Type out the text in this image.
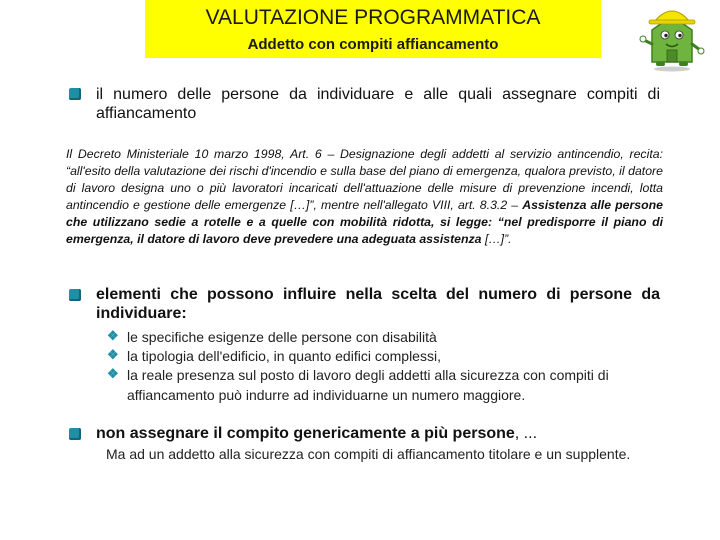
VALUTAZIONE PROGRAMMATICA
Addetto con compiti affiancamento
il numero delle persone da individuare e alle quali assegnare compiti di affiancamento
Il Decreto Ministeriale 10 marzo 1998, Art. 6 – Designazione degli addetti al servizio antincendio, recita: “all'esito della valutazione dei rischi d'incendio e sulla base del piano di emergenza, qualora previsto, il datore di lavoro designa uno o più lavoratori incaricati dell'attuazione delle misure di prevenzione incendi, lotta antincendio e gestione delle emergenze […]”, mentre nell'allegato VIII, art. 8.3.2 – Assistenza alle persone che utilizzano sedie a rotelle e a quelle con mobilità ridotta, si legge: “nel predisporre il piano di emergenza, il datore di lavoro deve prevedere una adeguata assistenza […]”.
elementi che possono influire nella scelta del numero di persone da individuare:
❖ le specifiche esigenze delle persone con disabilità
❖ la tipologia dell'edificio, in quanto edifici complessi,
❖ la reale presenza sul posto di lavoro degli addetti alla sicurezza con compiti di affiancamento può indurre ad individuarne un numero maggiore.
non assegnare il compito genericamente a più persone, ...
Ma ad un addetto alla sicurezza con compiti di affiancamento titolare e un supplente.
